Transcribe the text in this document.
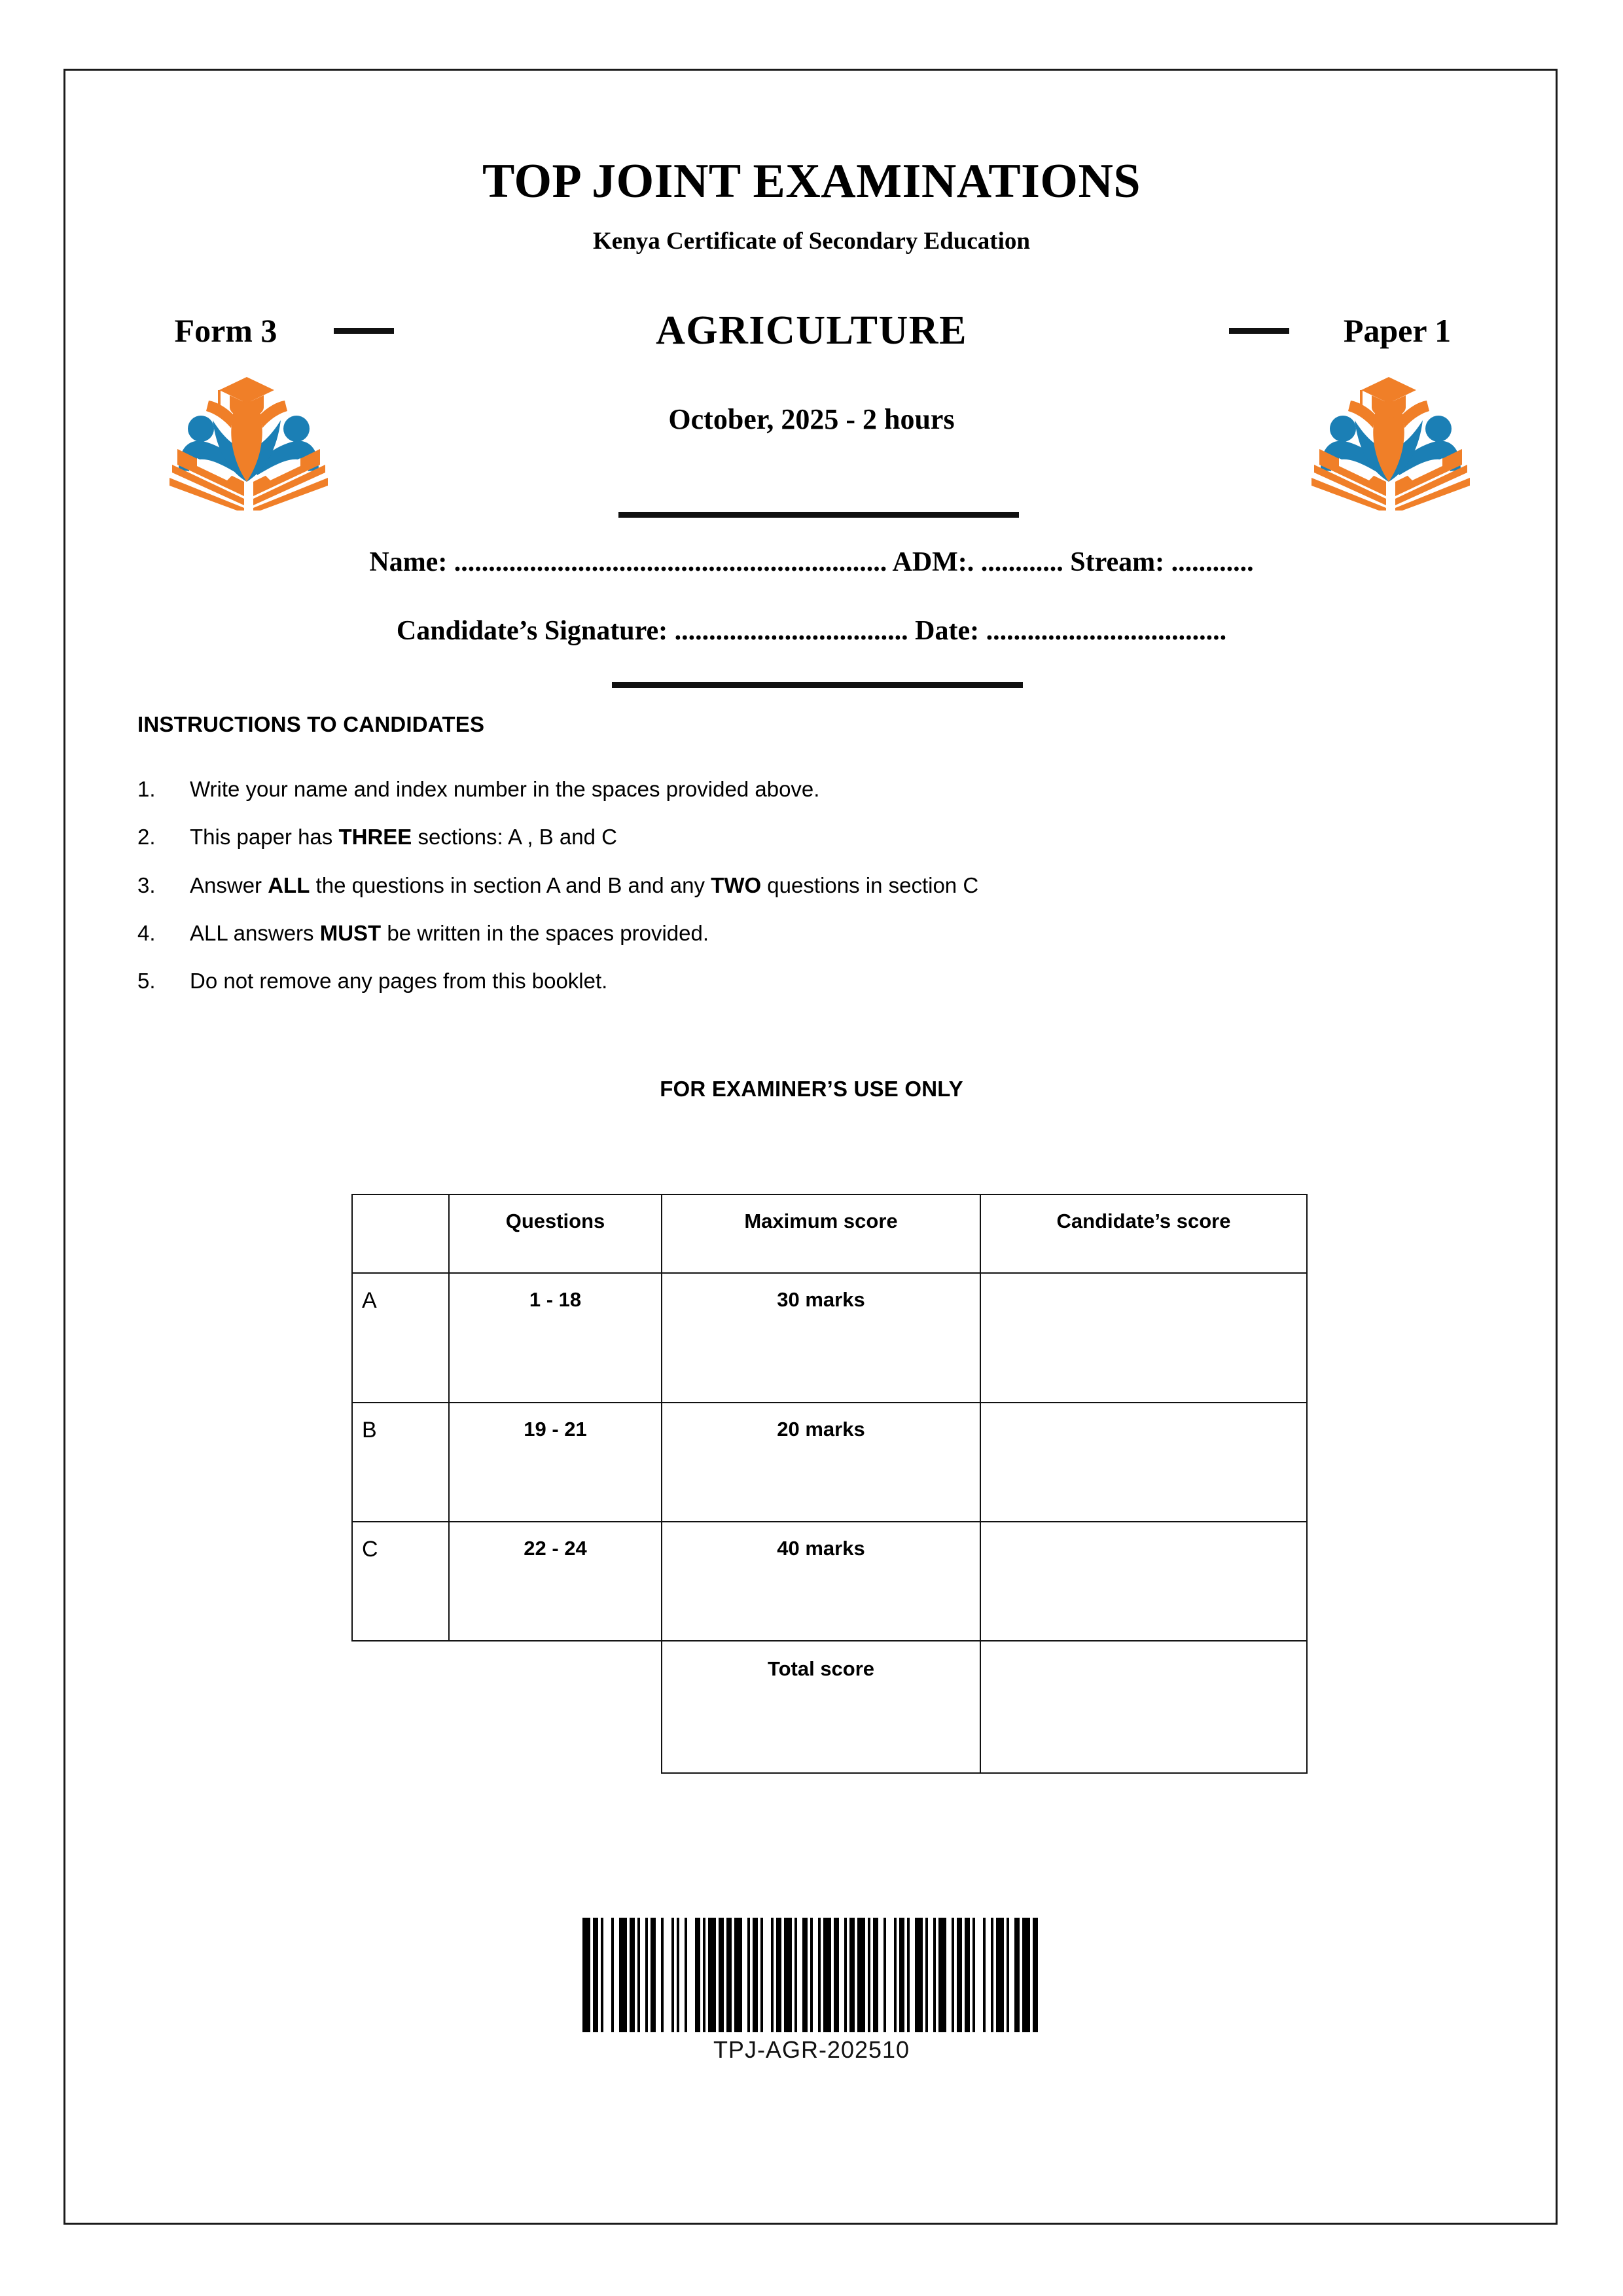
TOP JOINT EXAMINATIONS
Kenya Certificate of Secondary Education
Form 3	AGRICULTURE	Paper 1
October, 2025 - 2 hours
Name: ............................................................... ADM:. ............ Stream: ............
Candidate’s Signature: .................................. Date: ...................................
INSTRUCTIONS TO CANDIDATES
1.	Write your name and index number in the spaces provided above.
2.	This paper has THREE sections: A , B and C
3.	Answer ALL the questions in section A and B and any TWO questions in section C
4.	ALL answers MUST be written in the spaces provided.
5.	Do not remove any pages from this booklet.
FOR EXAMINER’S USE ONLY

	Questions	Maximum score	Candidate’s score

A	1 - 18	30 marks	

B	19 - 21	20 marks	

C	22 - 24	40 marks	

		Total score	

TPJ-AGR-202510
